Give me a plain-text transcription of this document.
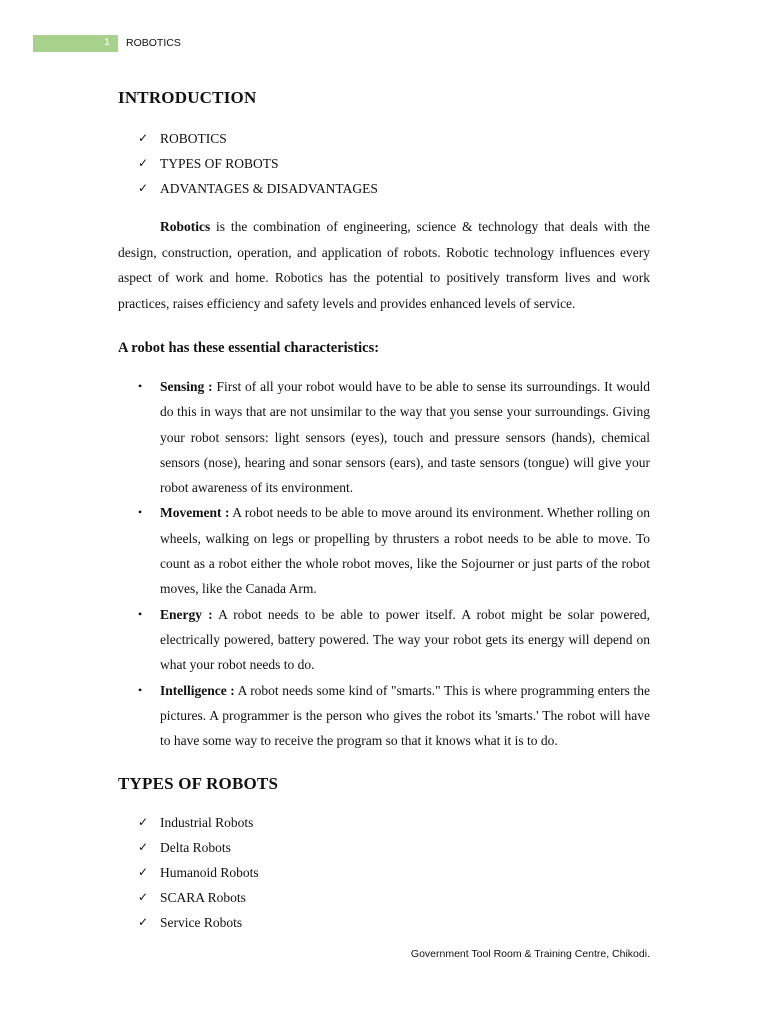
1	ROBOTICS
INTRODUCTION
✓ ROBOTICS
✓ TYPES OF ROBOTS
✓ ADVANTAGES & DISADVANTAGES

Robotics is the combination of engineering, science & technology that deals with the design, construction, operation, and application of robots. Robotic technology influences every aspect of work and home. Robotics has the potential to positively transform lives and work practices, raises efficiency and safety levels and provides enhanced levels of service.

A robot has these essential characteristics:
• Sensing : First of all your robot would have to be able to sense its surroundings. It would do this in ways that are not unsimilar to the way that you sense your surroundings. Giving your robot sensors: light sensors (eyes), touch and pressure sensors (hands), chemical sensors (nose), hearing and sonar sensors (ears), and taste sensors (tongue) will give your robot awareness of its environment.
• Movement : A robot needs to be able to move around its environment. Whether rolling on wheels, walking on legs or propelling by thrusters a robot needs to be able to move. To count as a robot either the whole robot moves, like the Sojourner or just parts of the robot moves, like the Canada Arm.
• Energy : A robot needs to be able to power itself. A robot might be solar powered, electrically powered, battery powered. The way your robot gets its energy will depend on what your robot needs to do.
• Intelligence : A robot needs some kind of "smarts." This is where programming enters the pictures. A programmer is the person who gives the robot its 'smarts.' The robot will have to have some way to receive the program so that it knows what it is to do.
TYPES OF ROBOTS
✓ Industrial Robots
✓ Delta Robots
✓ Humanoid Robots
✓ SCARA Robots
✓ Service Robots
Government Tool Room & Training Centre, Chikodi.
